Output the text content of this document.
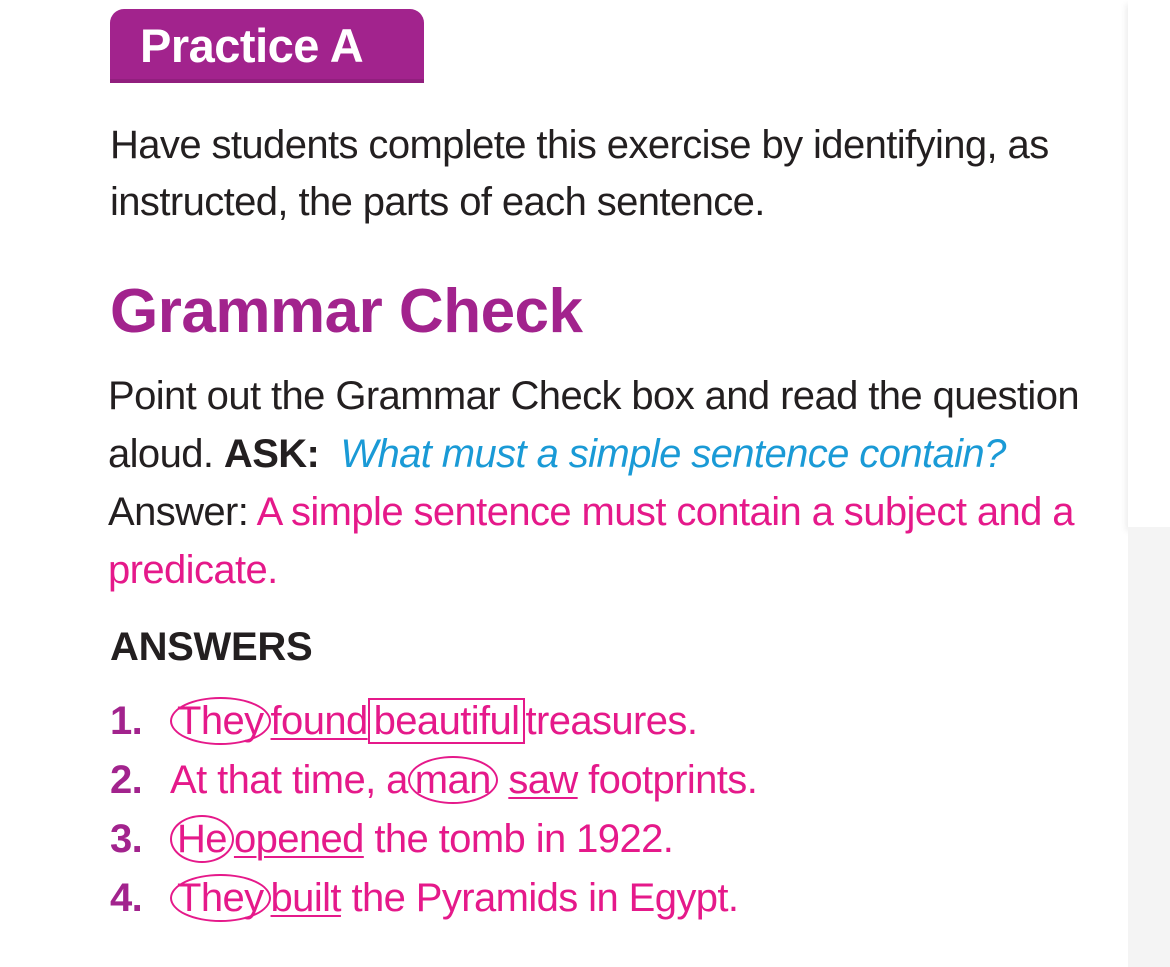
Practice A
Have students complete this exercise by identifying, as instructed, the parts of each sentence.
Grammar Check
Point out the Grammar Check box and read the question aloud. ASK: What must a simple sentence contain? Answer: A simple sentence must contain a subject and a predicate.
ANSWERS
1. They found beautiful treasures.
2. At that time, a man saw footprints.
3. He opened the tomb in 1922.
4. They built the Pyramids in Egypt.
